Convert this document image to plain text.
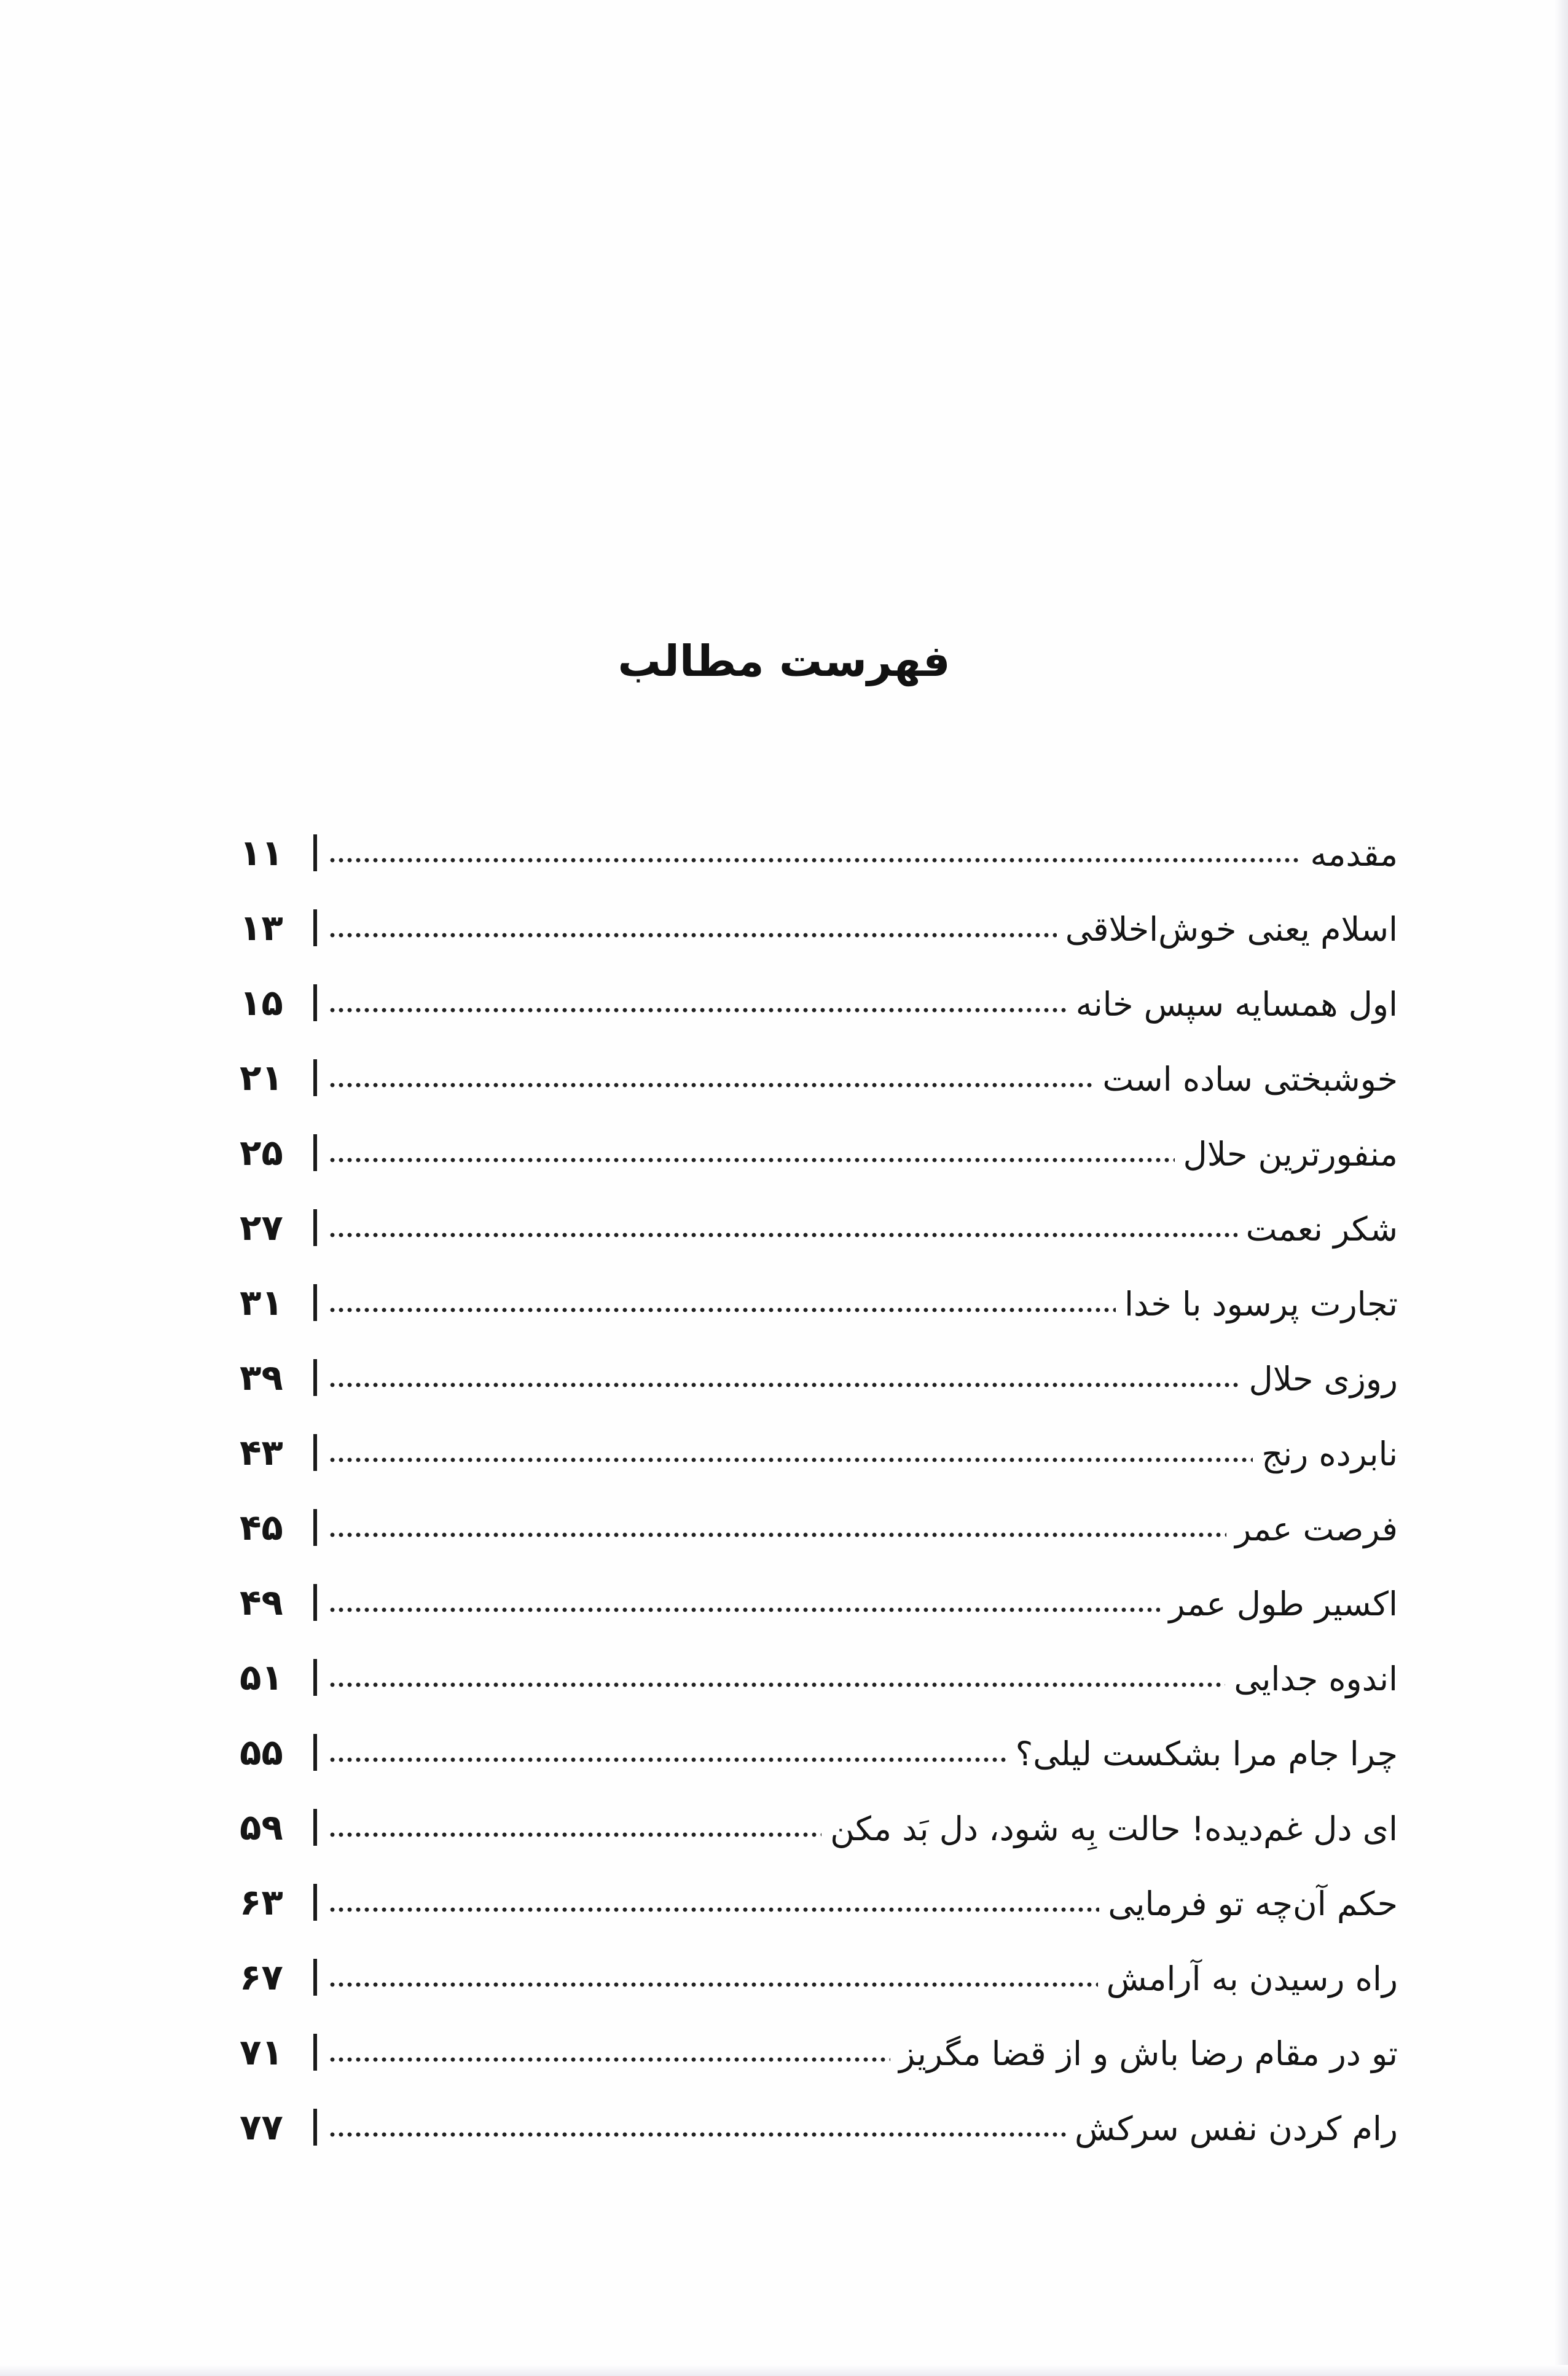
فهرست مطالب
مقدمه
۱۱
اسلام یعنی خوش‌اخلاقی
۱۳
اول همسایه سپس خانه
۱۵
خوشبختی ساده است
۲۱
منفورترین حلال
۲۵
شکر نعمت
۲۷
تجارت پرسود با خدا
۳۱
روزی حلال
۳۹
نابرده رنج
۴۳
فرصت عمر
۴۵
اکسیر طول عمر
۴۹
اندوه جدایی
۵۱
چرا جام مرا بشکست لیلی؟
۵۵
ای دل غم‌دیده! حالت بِه شود، دل بَد مکن
۵۹
حکم آن‌چه تو فرمایی
۶۳
راه رسیدن به آرامش
۶۷
تو در مقام رضا باش و از قضا مگریز
۷۱
رام کردن نفس سرکش
۷۷
